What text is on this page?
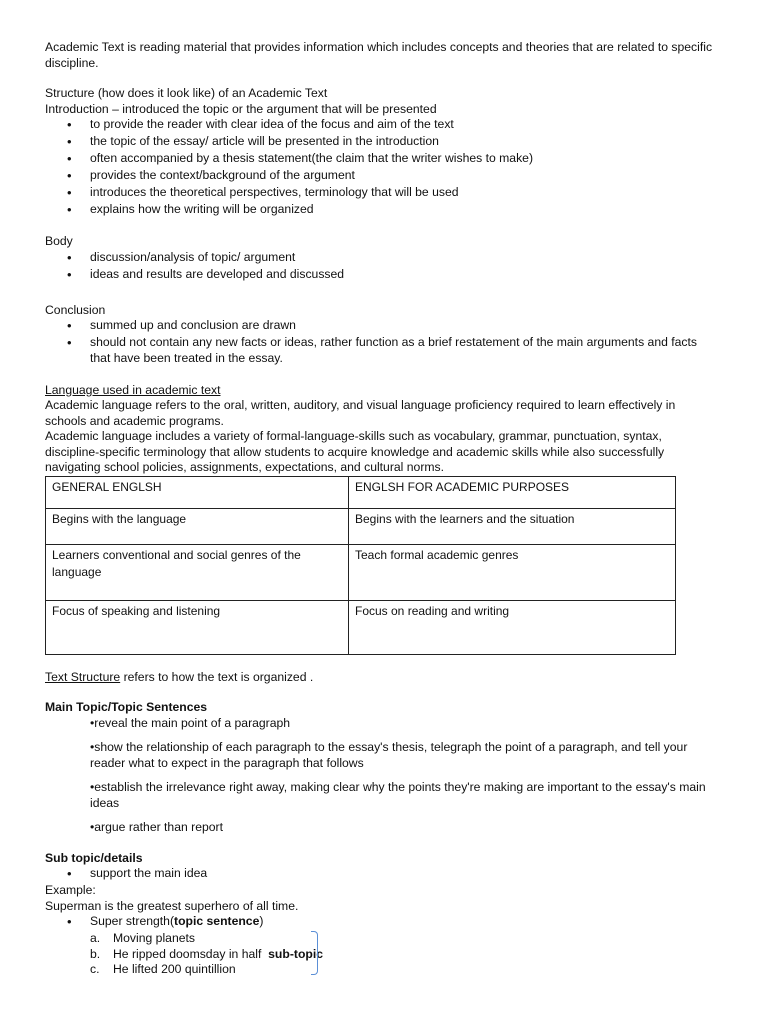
Academic Text is reading material that provides information which includes concepts and theories that are related to specific discipline.

Structure (how does it look like) of an Academic Text

Introduction – introduced the topic or the argument that will be presented

• to provide the reader with clear idea of the focus and aim of the text
• the topic of the essay/ article will be presented in the introduction
• often accompanied by a thesis statement(the claim that the writer wishes to make)
• provides the context/background of the argument
• introduces the theoretical perspectives, terminology that will be used
• explains how the writing will be organized

Body

• discussion/analysis of topic/ argument
• ideas and results are developed and discussed

Conclusion

• summed up and conclusion are drawn
• should not contain any new facts or ideas, rather function as a brief restatement of the main arguments and facts that have been treated in the essay.

Language used in academic text

Academic language refers to the oral, written, auditory, and visual language proficiency required to learn effectively in schools and academic programs.

Academic language includes a variety of formal-language-skills such as vocabulary, grammar, punctuation, syntax, discipline-specific terminology that allow students to acquire knowledge and academic skills while also successfully navigating school policies, assignments, expectations, and cultural norms.

GENERAL ENGLSH	ENGLSH FOR ACADEMIC PURPOSES
Begins with the language	Begins with the learners and the situation
Learners conventional and social genres of the language	Teach formal academic genres
Focus of speaking and listening	Focus on reading and writing

Text Structure refers to how the text is organized .

Main Topic/Topic Sentences

•reveal the main point of a paragraph

•show the relationship of each paragraph to the essay's thesis, telegraph the point of a paragraph, and tell your reader what to expect in the paragraph that follows

•establish the irrelevance right away, making clear why the points they're making are important to the essay's main ideas

•argue rather than report

Sub topic/details

• support the main idea

Example:

Superman is the greatest superhero of all time.

• Super strength(topic sentence)
a. Moving planets
b. He ripped doomsday in half sub-topic
c. He lifted 200 quintillion
